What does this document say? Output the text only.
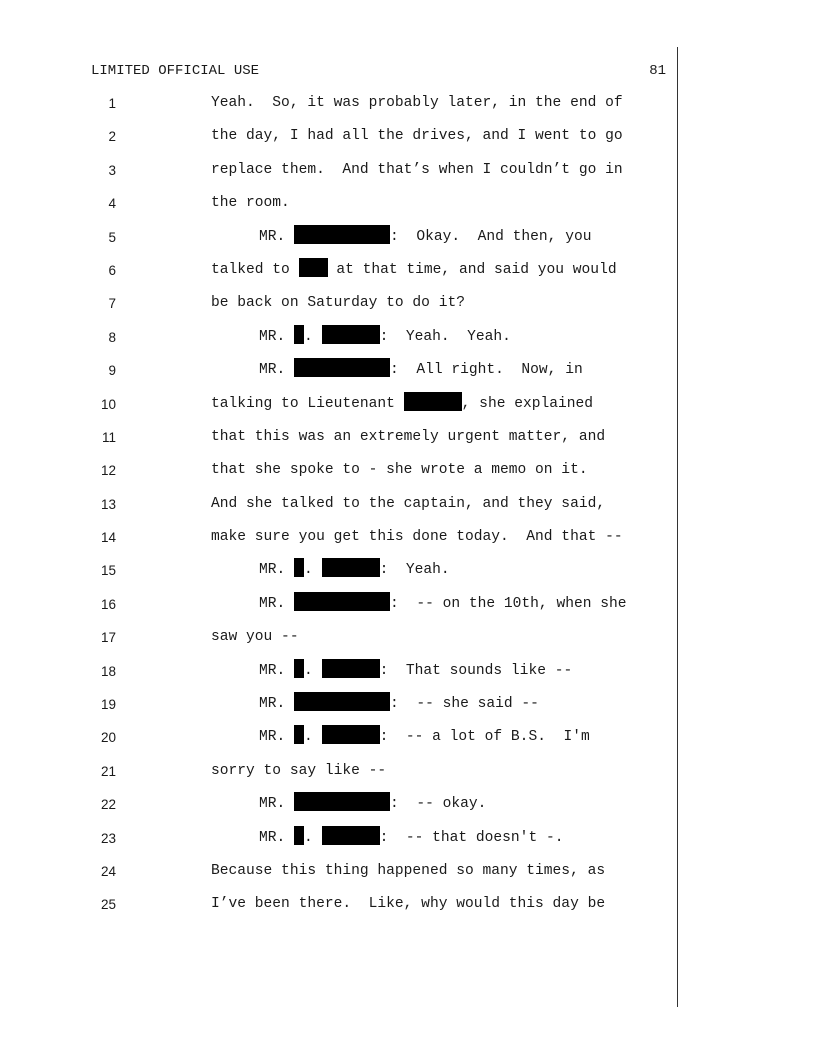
LIMITED OFFICIAL USE	81
1	Yeah.  So, it was probably later, in the end of
2	the day, I had all the drives, and I went to go
3	replace them.  And that’s when I couldn’t go in
4	the room.
5	MR.	:  Okay.  And then, you
6	talked to  at that time, and said you would
7	be back on Saturday to do it?
8	MR. .	:  Yeah.  Yeah.
9	MR.	:  All right.  Now, in
10	talking to Lieutenant	, she explained
11	that this was an extremely urgent matter, and
12	that she spoke to - she wrote a memo on it.
13	And she talked to the captain, and they said,
14	make sure you get this done today.  And that --
15	MR. .	:  Yeah.
16	MR.	:  -- on the 10th, when she
17	saw you --
18	MR. .	:  That sounds like --
19	MR.	:  -- she said --
20	MR. .	:  -- a lot of B.S.  I'm
21	sorry to say like --
22	MR.	:  -- okay.
23	MR. .	:  -- that doesn't -.
24	Because this thing happened so many times, as
25	I’ve been there.  Like, why would this day be
